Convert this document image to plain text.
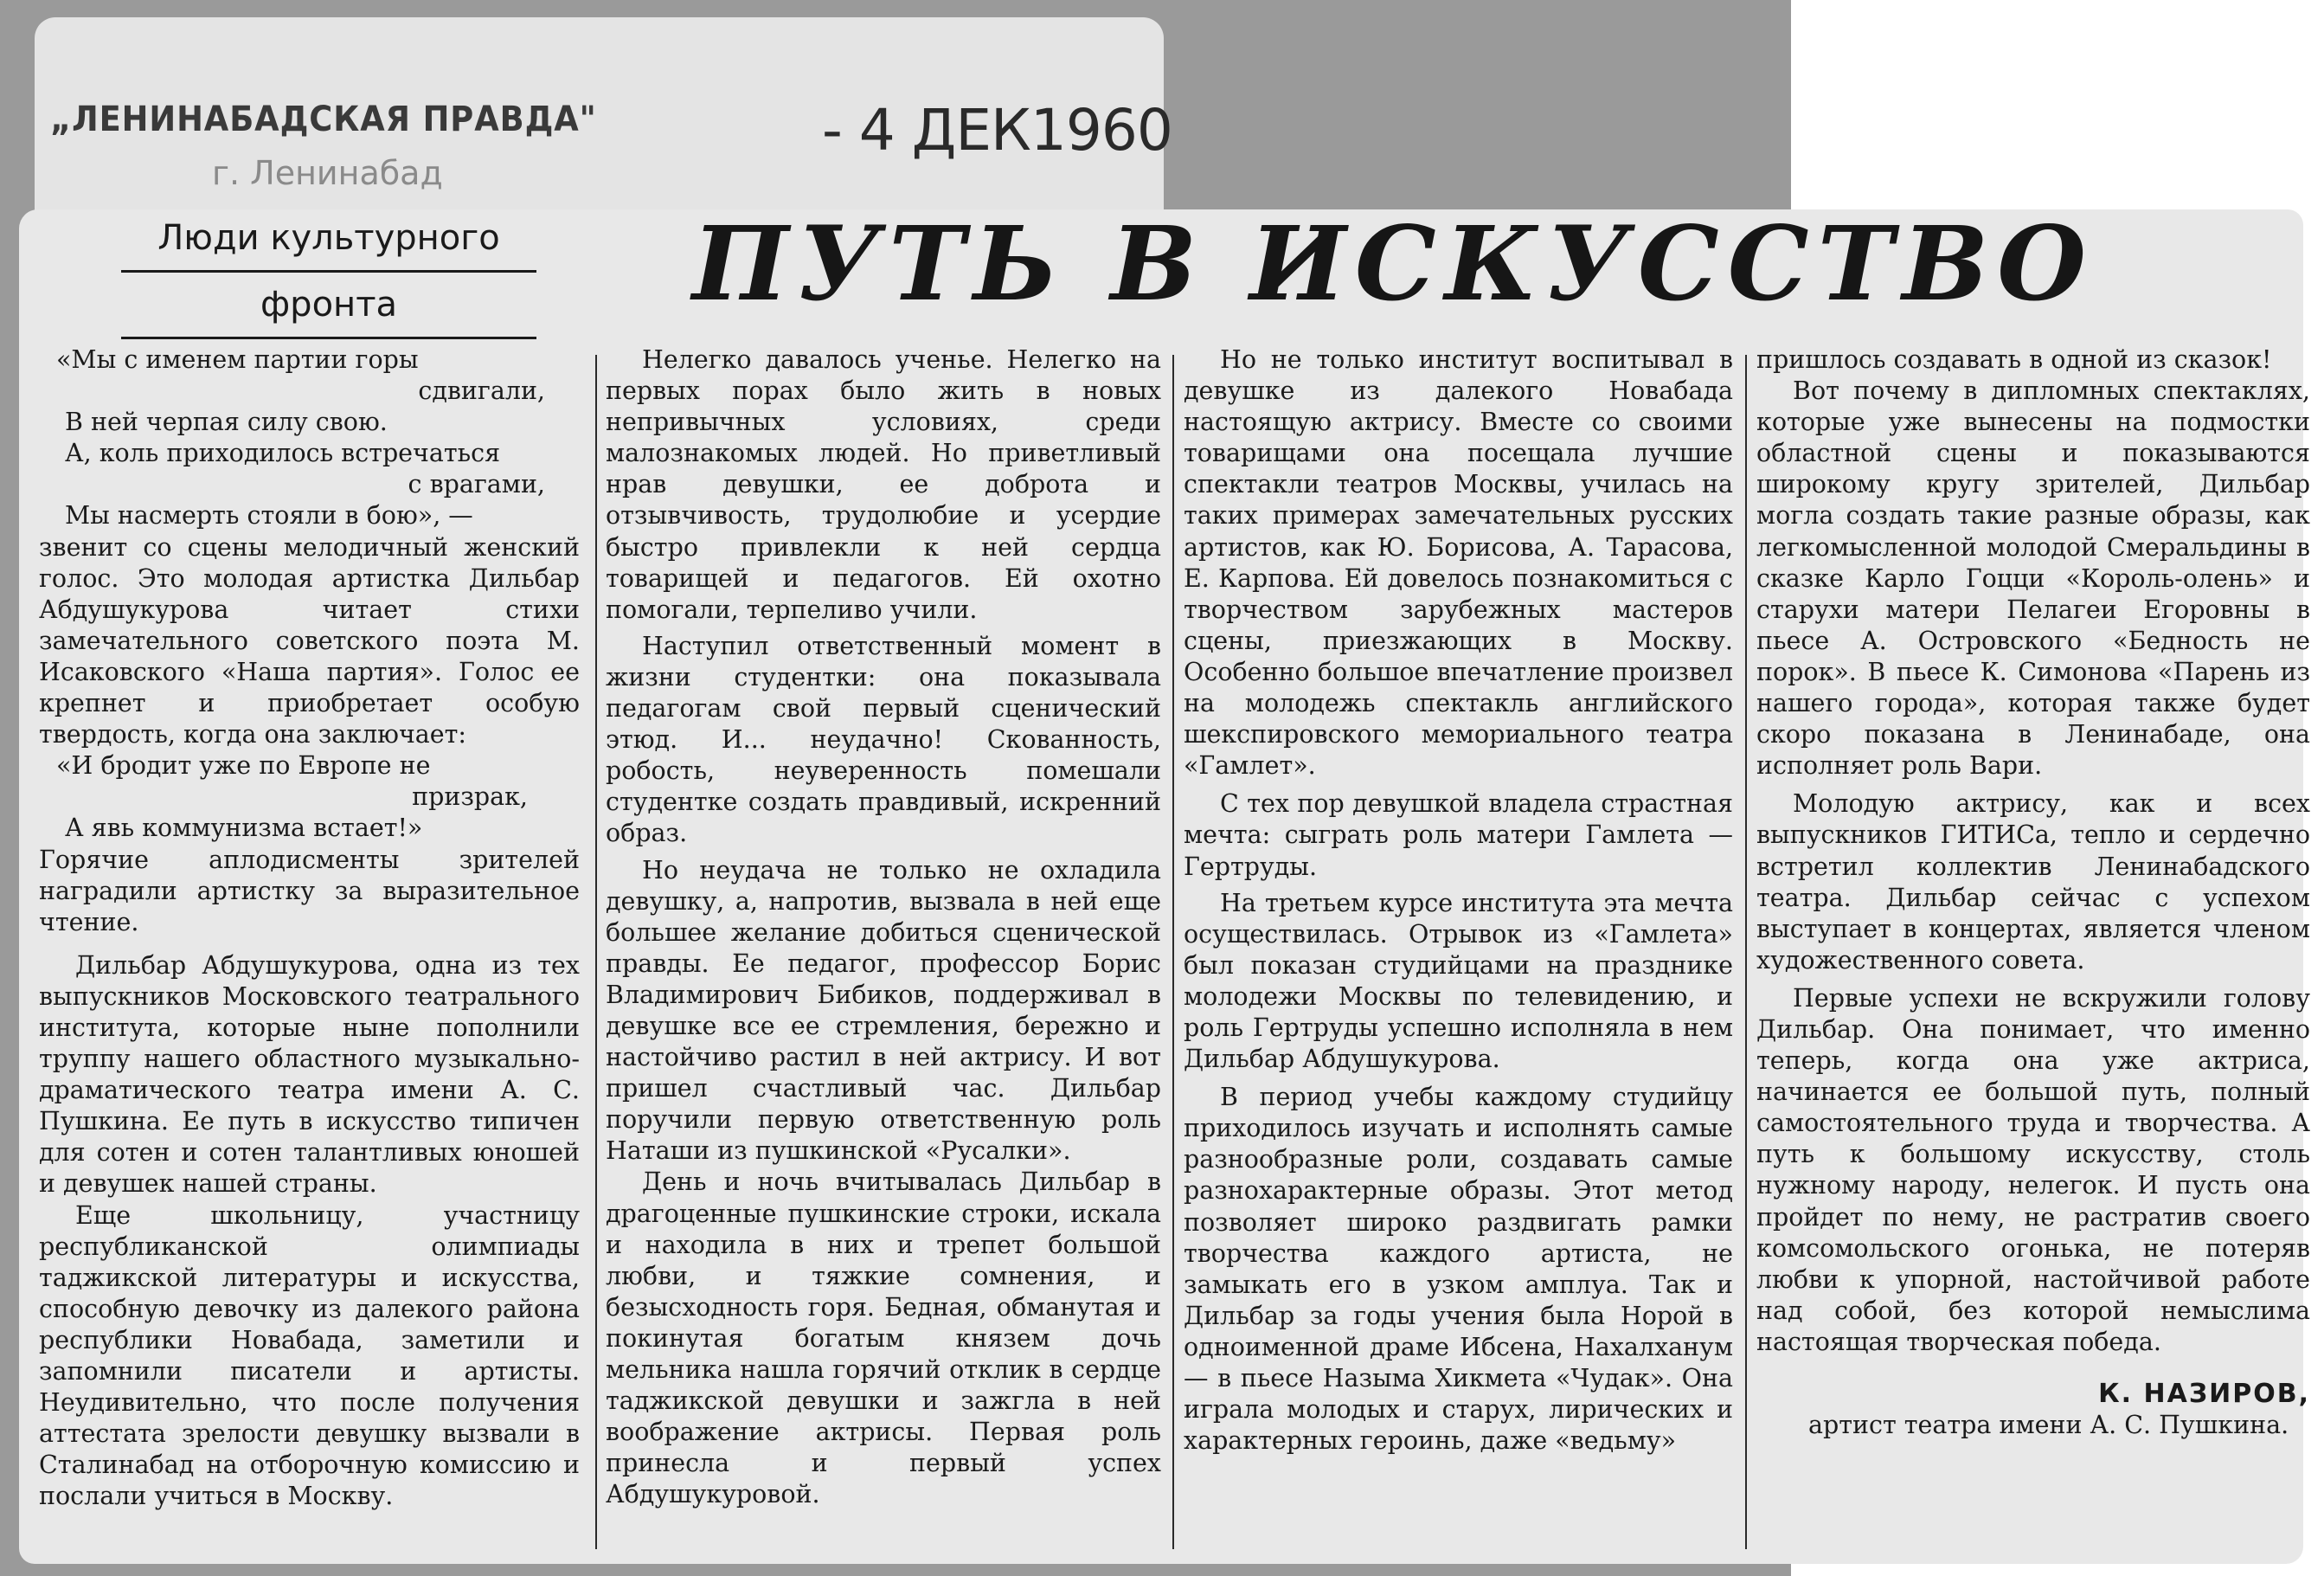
„ЛЕНИНАБАДСКАЯ ПРАВДА"
г. Ленинабад
- 4 ДЕК1960
Люди культурного
фронта	ПУТЬ В ИСКУССТВО

«Мы с именем партии горы

сдвигали,

В ней черпая силу свою.

А, коль приходилось встречаться

с врагами,

Мы насмерть стояли в бою», —

звенит со сцены мелодичный женский голос. Это молодая артистка Дильбар Абдушукурова читает стихи замечательного советского поэта М. Исаковского «Наша партия». Голос ее крепнет и приобретает особую твердость, когда она заключает:

«И бродит уже по Европе не

призрак,

А явь коммунизма встает!»

Горячие аплодисменты зрителей наградили артистку за выразительное чтение.

Дильбар Абдушукурова, одна из тех выпускников Московского театрального института, которые ныне пополнили труппу нашего областного музыкально-драматического театра имени А. С. Пушкина. Ее путь в искусство типичен для сотен и сотен талантливых юношей и девушек нашей страны.

Еще школьницу, участницу республиканской олимпиады таджикской литературы и искусства, способную девочку из далекого района республики Новабада, заметили и запомнили писатели и артисты. Неудивительно, что после получения аттестата зрелости девушку вызвали в Сталинабад на отборочную комиссию и послали учиться в Москву.

Нелегко давалось ученье. Нелегко на первых порах было жить в новых непривычных условиях, среди малознакомых людей. Но приветливый нрав девушки, ее доброта и отзывчивость, трудолюбие и усердие быстро привлекли к ней сердца товарищей и педагогов. Ей охотно помогали, терпеливо учили.

Наступил ответственный момент в жизни студентки: она показывала педагогам свой первый сценический этюд. И... неудачно! Скованность, робость, неуверенность помешали студентке создать правдивый, искренний образ.

Но неудача не только не охладила девушку, а, напротив, вызвала в ней еще большее желание добиться сценической правды. Ее педагог, профессор Борис Владимирович Бибиков, поддерживал в девушке все ее стремления, бережно и настойчиво растил в ней актрису. И вот пришел счастливый час. Дильбар поручили первую ответственную роль Наташи из пушкинской «Русалки».

День и ночь вчитывалась Дильбар в драгоценные пушкинские строки, искала и находила в них и трепет большой любви, и тяжкие сомнения, и безысходность горя. Бедная, обманутая и покинутая богатым князем дочь мельника нашла горячий отклик в сердце таджикской девушки и зажгла в ней воображение актрисы. Первая роль принесла и первый успех Абдушукуровой.

Но не только институт воспитывал в девушке из далекого Новабада настоящую актрису. Вместе со своими товарищами она посещала лучшие спектакли театров Москвы, училась на таких примерах замечательных русских артистов, как Ю. Борисова, А. Тарасова, Е. Карпова. Ей довелось познакомиться с творчеством зарубежных мастеров сцены, приезжающих в Москву. Особенно большое впечатление произвел на молодежь спектакль английского шекспировского мемориального театра «Гамлет».

С тех пор девушкой владела страстная мечта: сыграть роль матери Гамлета — Гертруды.

На третьем курсе института эта мечта осуществилась. Отрывок из «Гамлета» был показан студийцами на празднике молодежи Москвы по телевидению, и роль Гертруды успешно исполняла в нем Дильбар Абдушукурова.

В период учебы каждому студийцу приходилось изучать и исполнять самые разнообразные роли, создавать самые разнохарактерные образы. Этот метод позволяет широко раздвигать рамки творчества каждого артиста, не замыкать его в узком амплуа. Так и Дильбар за годы учения была Норой в одноименной драме Ибсена, Нахалханум — в пьесе Назыма Хикмета «Чудак». Она играла молодых и старух, лирических и характерных героинь, даже «ведьму»

пришлось создавать в одной из сказок!

Вот почему в дипломных спектаклях, которые уже вынесены на подмостки областной сцены и показываются широкому кругу зрителей, Дильбар могла создать такие разные образы, как легкомысленной молодой Смеральдины в сказке Карло Гоцци «Король-олень» и старухи матери Пелагеи Егоровны в пьесе А. Островского «Бедность не порок». В пьесе К. Симонова «Парень из нашего города», которая также будет скоро показана в Ленинабаде, она исполняет роль Вари.

Молодую актрису, как и всех выпускников ГИТИСа, тепло и сердечно встретил коллектив Ленинабадского театра. Дильбар сейчас с успехом выступает в концертах, является членом художественного совета.

Первые успехи не вскружили голову Дильбар. Она понимает, что именно теперь, когда она уже актриса, начинается ее большой путь, полный самостоятельного труда и творчества. А путь к большому искусству, столь нужному народу, нелегок. И пусть она пройдет по нему, не растратив своего комсомольского огонька, не потеряв любви к упорной, настойчивой работе над собой, без которой немыслима настоящая творческая победа.

К. НАЗИРОВ,

артист театра имени А. С. Пушкина.
